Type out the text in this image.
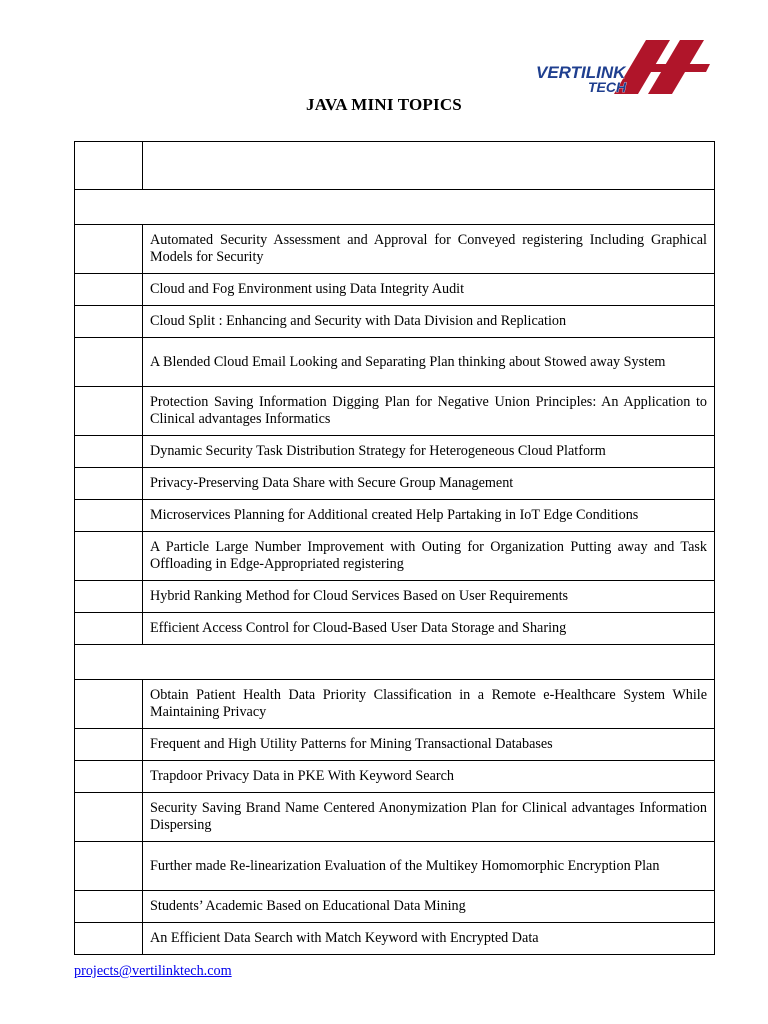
VERTILINK
TECH
JAVA MINI TOPICS

	Automated Security Assessment and Approval for Conveyed registering Including Graphical Models for Security
	Cloud and Fog Environment using Data Integrity Audit
	Cloud Split : Enhancing and Security with Data Division and Replication
	A Blended Cloud Email Looking and Separating Plan thinking about Stowed away System
	Protection Saving Information Digging Plan for Negative Union Principles: An Application to Clinical advantages Informatics
	Dynamic Security Task Distribution Strategy for Heterogeneous Cloud Platform
	Privacy-Preserving Data Share with Secure Group Management
	Microservices Planning for Additional created Help Partaking in IoT Edge Conditions
	A Particle Large Number Improvement with Outing for Organization Putting away and Task Offloading in Edge-Appropriated registering
	Hybrid Ranking Method for Cloud Services Based on User Requirements
	Efficient Access Control for Cloud-Based User Data Storage and Sharing

	Obtain Patient Health Data Priority Classification in a Remote e-Healthcare System While Maintaining Privacy
	Frequent and High Utility Patterns for Mining Transactional Databases
	Trapdoor Privacy Data in PKE With Keyword Search
	Security Saving Brand Name Centered Anonymization Plan for Clinical advantages Information Dispersing
	Further made Re-linearization Evaluation of the Multikey Homomorphic Encryption Plan
	Students’ Academic Based on Educational Data Mining
	An Efficient Data Search with Match Keyword with Encrypted Data
projects@vertilinktech.com
